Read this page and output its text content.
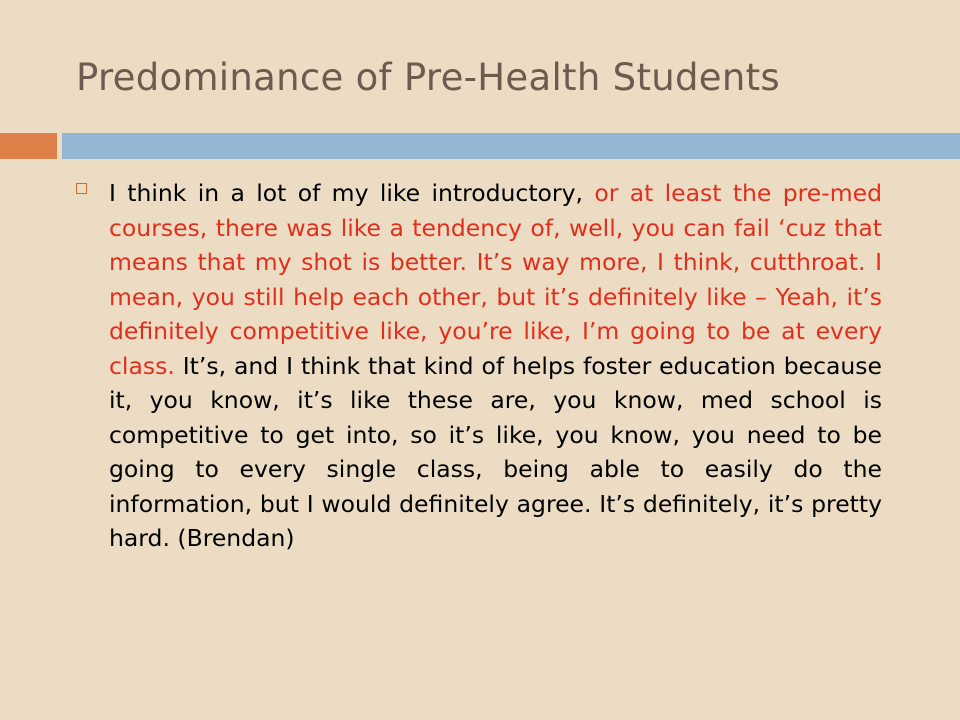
Predominance of Pre-Health Students

I think in a lot of my like introductory, or at least the pre-med courses, there was like a tendency of, well, you can fail ‘cuz that means that my shot is better. It’s way more, I think, cutthroat. I mean, you still help each other, but it’s definitely like – Yeah, it’s definitely competitive like, you’re like, I’m going to be at every class. It’s, and I think that kind of helps foster education because it, you know, it’s like these are, you know, med school is competitive to get into, so it’s like, you know, you need to be going to every single class, being able to easily do the information, but I would definitely agree. It’s definitely, it’s pretty hard. (Brendan)
